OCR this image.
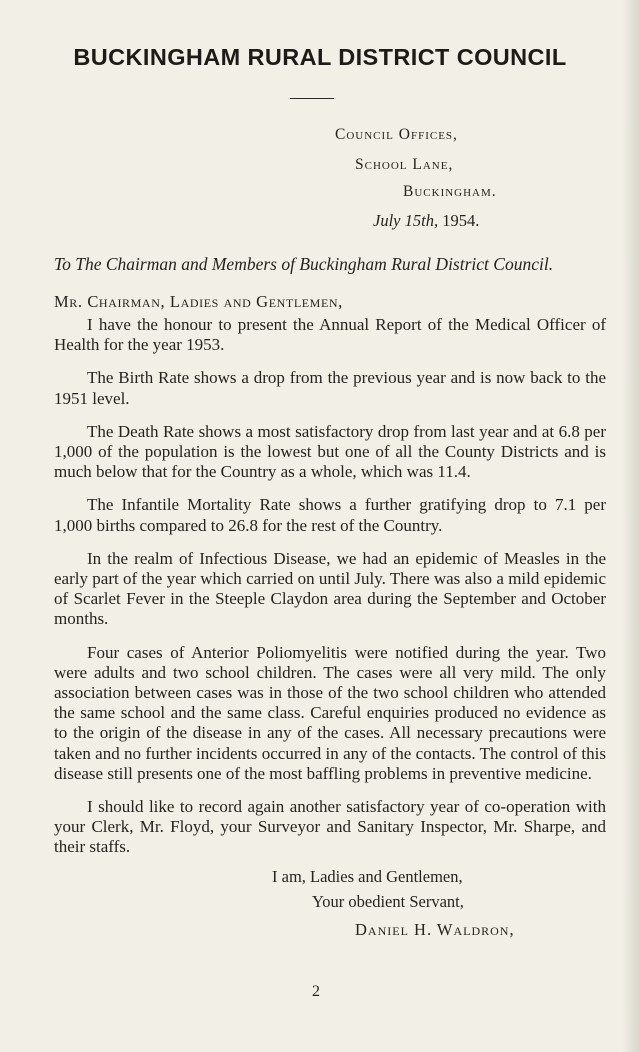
BUCKINGHAM RURAL DISTRICT COUNCIL
Council Offices,
School Lane,
Buckingham.
July 15th, 1954.
To The Chairman and Members of Buckingham Rural District Council.
Mr. Chairman, Ladies and Gentlemen,

I have the honour to present the Annual Report of the Medical Officer of Health for the year 1953.

The Birth Rate shows a drop from the previous year and is now back to the 1951 level.

The Death Rate shows a most satisfactory drop from last year and at 6.8 per 1,000 of the population is the lowest but one of all the County Districts and is much below that for the Country as a whole, which was 11.4.

The Infantile Mortality Rate shows a further gratifying drop to 7.1 per 1,000 births compared to 26.8 for the rest of the Country.

In the realm of Infectious Disease, we had an epidemic of Measles in the early part of the year which carried on until July. There was also a mild epidemic of Scarlet Fever in the Steeple Claydon area during the September and October months.

Four cases of Anterior Poliomyelitis were notified during the year. Two were adults and two school children. The cases were all very mild. The only association between cases was in those of the two school children who attended the same school and the same class. Careful enquiries produced no evidence as to the origin of the disease in any of the cases. All necessary precautions were taken and no further incidents occurred in any of the contacts. The control of this disease still presents one of the most baffling problems in preventive medicine.

I should like to record again another satisfactory year of co-operation with your Clerk, Mr. Floyd, your Surveyor and Sanitary Inspector, Mr. Sharpe, and their staffs.

I am, Ladies and Gentlemen,
Your obedient Servant,
Daniel H. Waldron,
2
